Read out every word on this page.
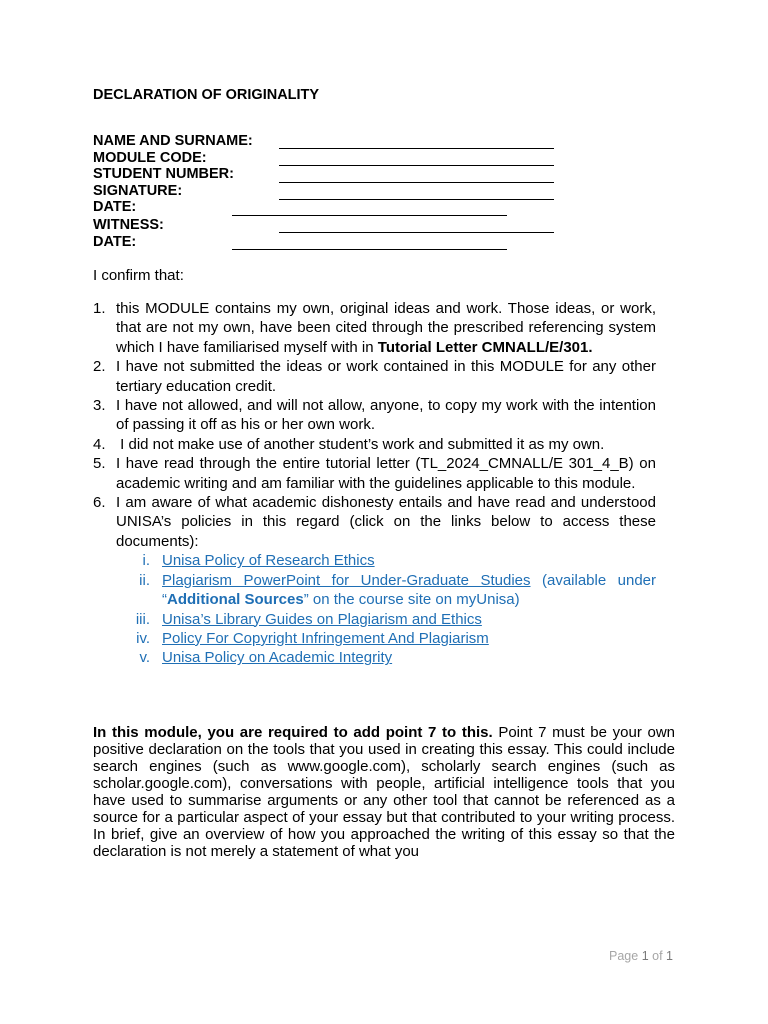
DECLARATION OF ORIGINALITY
NAME AND SURNAME:
MODULE CODE:
STUDENT NUMBER:
SIGNATURE:
DATE:
WITNESS:
DATE:
I confirm that:
1. this MODULE contains my own, original ideas and work. Those ideas, or work, that are not my own, have been cited through the prescribed referencing system which I have familiarised myself with in Tutorial Letter CMNALL/E/301.
2. I have not submitted the ideas or work contained in this MODULE for any other tertiary education credit.
3. I have not allowed, and will not allow, anyone, to copy my work with the intention of passing it off as his or her own work.
4. I did not make use of another student’s work and submitted it as my own.
5. I have read through the entire tutorial letter (TL_2024_CMNALL/E 301_4_B) on academic writing and am familiar with the guidelines applicable to this module.
6. I am aware of what academic dishonesty entails and have read and understood UNISA’s policies in this regard (click on the links below to access these documents):
i. Unisa Policy of Research Ethics
ii. Plagiarism PowerPoint for Under-Graduate Studies (available under “Additional Sources” on the course site on myUnisa)
iii. Unisa’s Library Guides on Plagiarism and Ethics
iv. Policy For Copyright Infringement And Plagiarism
v. Unisa Policy on Academic Integrity
In this module, you are required to add point 7 to this. Point 7 must be your own positive declaration on the tools that you used in creating this essay. This could include search engines (such as www.google.com), scholarly search engines (such as scholar.google.com), conversations with people, artificial intelligence tools that you have used to summarise arguments or any other tool that cannot be referenced as a source for a particular aspect of your essay but that contributed to your writing process. In brief, give an overview of how you approached the writing of this essay so that the declaration is not merely a statement of what you
Page 1 of 1
